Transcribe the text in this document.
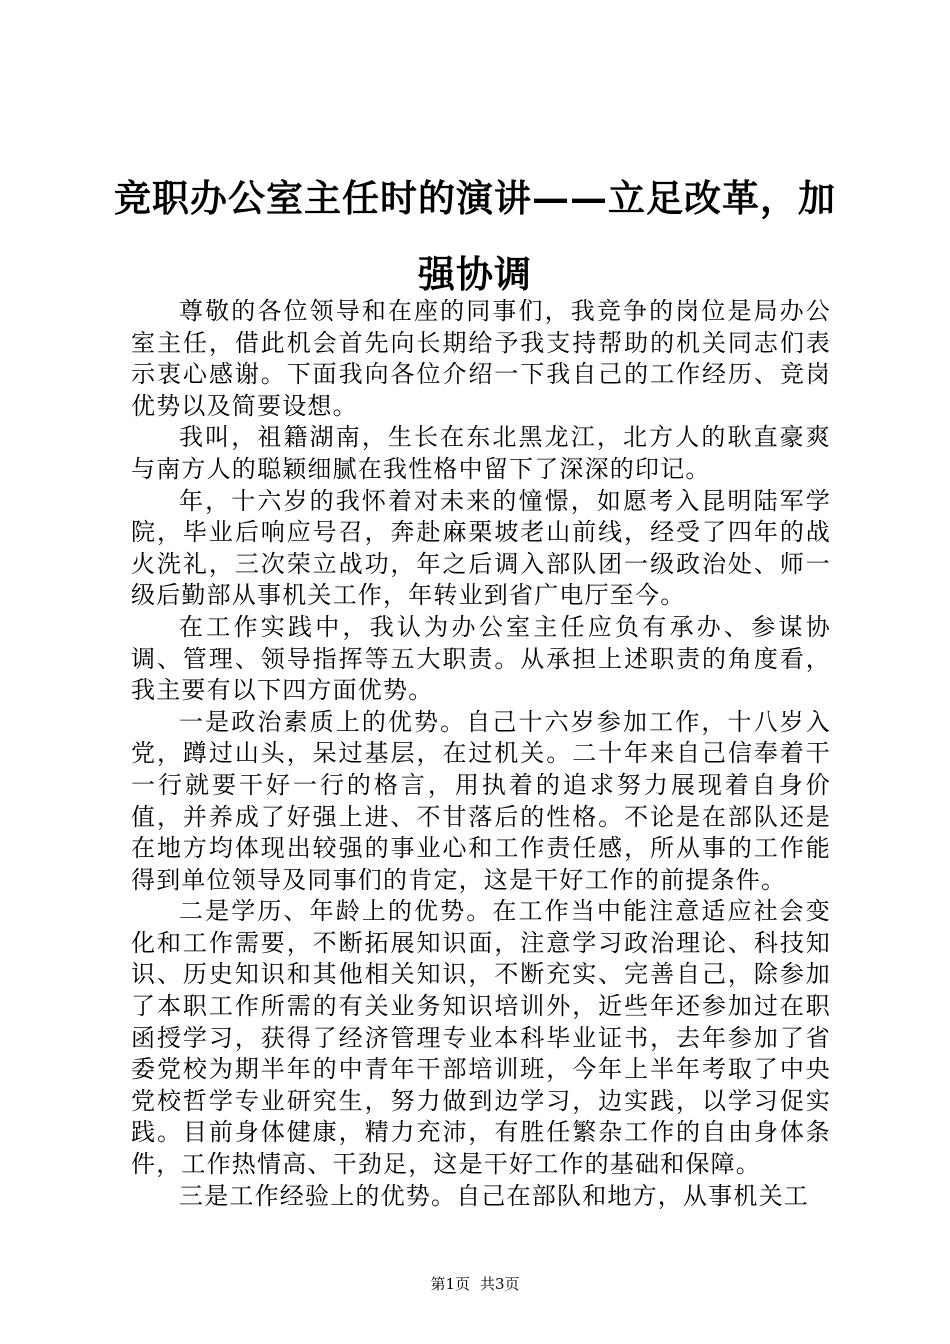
竞职办公室主任时的演讲——立足改革，加强协调

尊敬的各位领导和在座的同事们，我竞争的岗位是局办公室主任，借此机会首先向长期给予我支持帮助的机关同志们表示衷心感谢。下面我向各位介绍一下我自己的工作经历、竞岗优势以及简要设想。

我叫，祖籍湖南，生长在东北黑龙江，北方人的耿直豪爽与南方人的聪颖细腻在我性格中留下了深深的印记。

年，十六岁的我怀着对未来的憧憬，如愿考入昆明陆军学院，毕业后响应号召，奔赴麻栗坡老山前线，经受了四年的战火洗礼，三次荣立战功，年之后调入部队团一级政治处、师一级后勤部从事机关工作，年转业到省广电厅至今。

在工作实践中，我认为办公室主任应负有承办、参谋协调、管理、领导指挥等五大职责。从承担上述职责的角度看，我主要有以下四方面优势。

一是政治素质上的优势。自己十六岁参加工作，十八岁入党，蹲过山头，呆过基层，在过机关。二十年来自己信奉着干一行就要干好一行的格言，用执着的追求努力展现着自身价值，并养成了好强上进、不甘落后的性格。不论是在部队还是在地方均体现出较强的事业心和工作责任感，所从事的工作能得到单位领导及同事们的肯定，这是干好工作的前提条件。

二是学历、年龄上的优势。在工作当中能注意适应社会变化和工作需要，不断拓展知识面，注意学习政治理论、科技知识、历史知识和其他相关知识，不断充实、完善自己，除参加了本职工作所需的有关业务知识培训外，近些年还参加过在职函授学习，获得了经济管理专业本科毕业证书，去年参加了省委党校为期半年的中青年干部培训班，今年上半年考取了中央党校哲学专业研究生，努力做到边学习，边实践，以学习促实践。目前身体健康，精力充沛，有胜任繁杂工作的自由身体条件，工作热情高、干劲足，这是干好工作的基础和保障。

三是工作经验上的优势。自己在部队和地方，从事机关工

第1页 共3页
